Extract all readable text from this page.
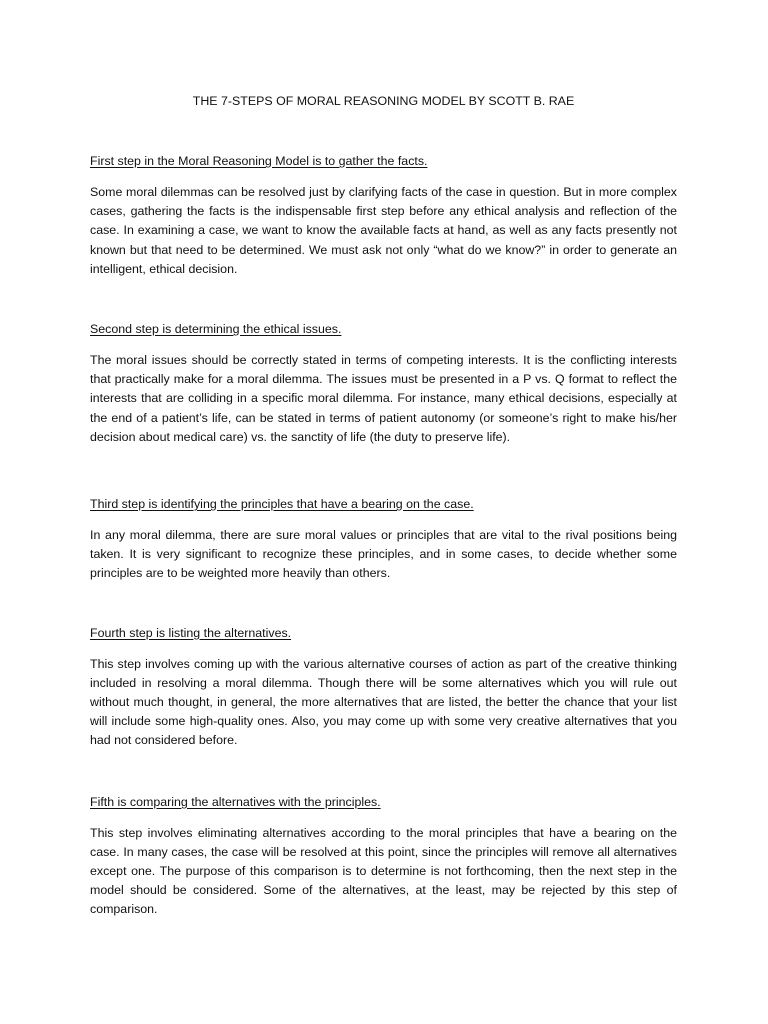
THE 7-STEPS OF MORAL REASONING MODEL BY SCOTT B. RAE

First step in the Moral Reasoning Model is to gather the facts.

Some moral dilemmas can be resolved just by clarifying facts of the case in question. But in more complex cases, gathering the facts is the indispensable first step before any ethical analysis and reflection of the case. In examining a case, we want to know the available facts at hand, as well as any facts presently not known but that need to be determined. We must ask not only “what do we know?” in order to generate an intelligent, ethical decision.

Second step is determining the ethical issues.

The moral issues should be correctly stated in terms of competing interests. It is the conflicting interests that practically make for a moral dilemma. The issues must be presented in a P vs. Q format to reflect the interests that are colliding in a specific moral dilemma. For instance, many ethical decisions, especially at the end of a patient’s life, can be stated in terms of patient autonomy (or someone’s right to make his/her decision about medical care) vs. the sanctity of life (the duty to preserve life).

Third step is identifying the principles that have a bearing on the case.

In any moral dilemma, there are sure moral values or principles that are vital to the rival positions being taken. It is very significant to recognize these principles, and in some cases, to decide whether some principles are to be weighted more heavily than others.

Fourth step is listing the alternatives.

This step involves coming up with the various alternative courses of action as part of the creative thinking included in resolving a moral dilemma. Though there will be some alternatives which you will rule out without much thought, in general, the more alternatives that are listed, the better the chance that your list will include some high-quality ones. Also, you may come up with some very creative alternatives that you had not considered before.

Fifth is comparing the alternatives with the principles.

This step involves eliminating alternatives according to the moral principles that have a bearing on the case. In many cases, the case will be resolved at this point, since the principles will remove all alternatives except one. The purpose of this comparison is to determine is not forthcoming, then the next step in the model should be considered. Some of the alternatives, at the least, may be rejected by this step of comparison.
